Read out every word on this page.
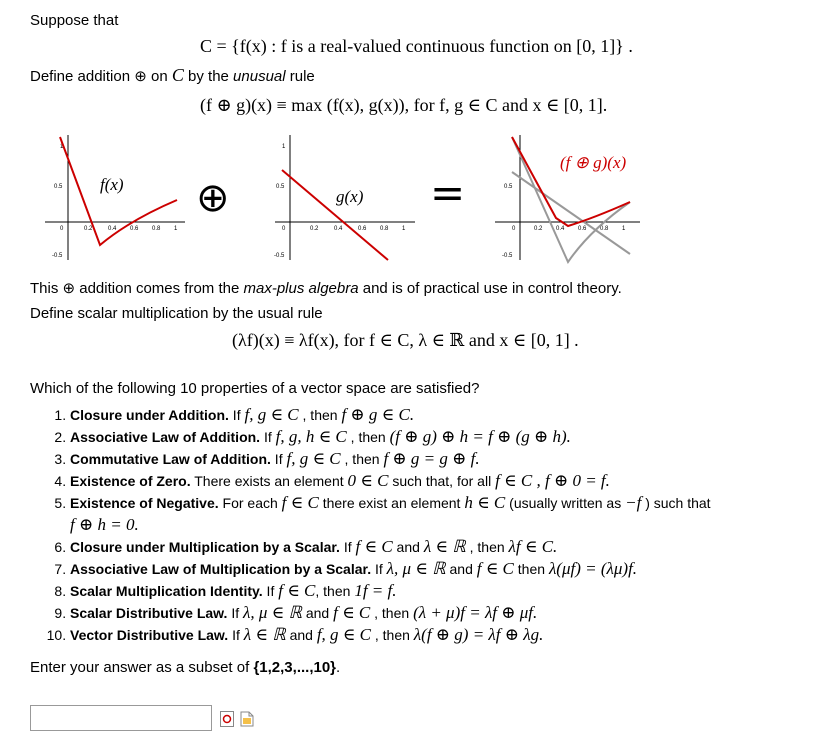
Suppose that
C = {f(x) : f is a real-valued continuous function on [0, 1]} .
Define addition ⊕ on C by the unusual rule
(f ⊕ g)(x) ≡ max (f(x), g(x)), for f, g ∈ C and x ∈ [0, 1].
1
0.5
-0.5
0	0.2	0.4 0.6 0.8 1
f(x) ⊕
1
0.5
-0.5
0	0.2	0.4	0.6 0.8 1
g(x) =	0.5
-0.5
0	0.2 0.4 0.6 0.8 1
(f ⊕ g)(x)
This ⊕ addition comes from the max-plus algebra and is of practical use in control theory.
Define scalar multiplication by the usual rule
(λf)(x) ≡ λf(x), for f ∈ C, λ ∈ ℝ and x ∈ [0, 1] .
Which of the following 10 properties of a vector space are satisfied?
1. Closure under Addition. If f, g ∈ C , then f ⊕ g ∈ C.
2. Associative Law of Addition. If f, g, h ∈ C , then (f ⊕ g) ⊕ h = f ⊕ (g ⊕ h).
3. Commutative Law of Addition. If f, g ∈ C , then f ⊕ g = g ⊕ f.
4. Existence of Zero. There exists an element 0 ∈ C such that, for all f ∈ C , f ⊕ 0 = f.
5. Existence of Negative. For each f ∈ C there exist an element h ∈ C (usually written as −f ) such that
f ⊕ h = 0.
6. Closure under Multiplication by a Scalar. If f ∈ C and λ ∈ ℝ , then λf ∈ C.
7. Associative Law of Multiplication by a Scalar. If λ, μ ∈ ℝ and f ∈ C then λ(μf) = (λμ)f.
8. Scalar Multiplication Identity. If f ∈ C, then 1f = f.
9. Scalar Distributive Law. If λ, μ ∈ ℝ and f ∈ C , then (λ + μ)f = λf ⊕ μf.
10. Vector Distributive Law. If λ ∈ ℝ and f, g ∈ C , then λ(f ⊕ g) = λf ⊕ λg.
Enter your answer as a subset of {1,2,3,...,10}.
